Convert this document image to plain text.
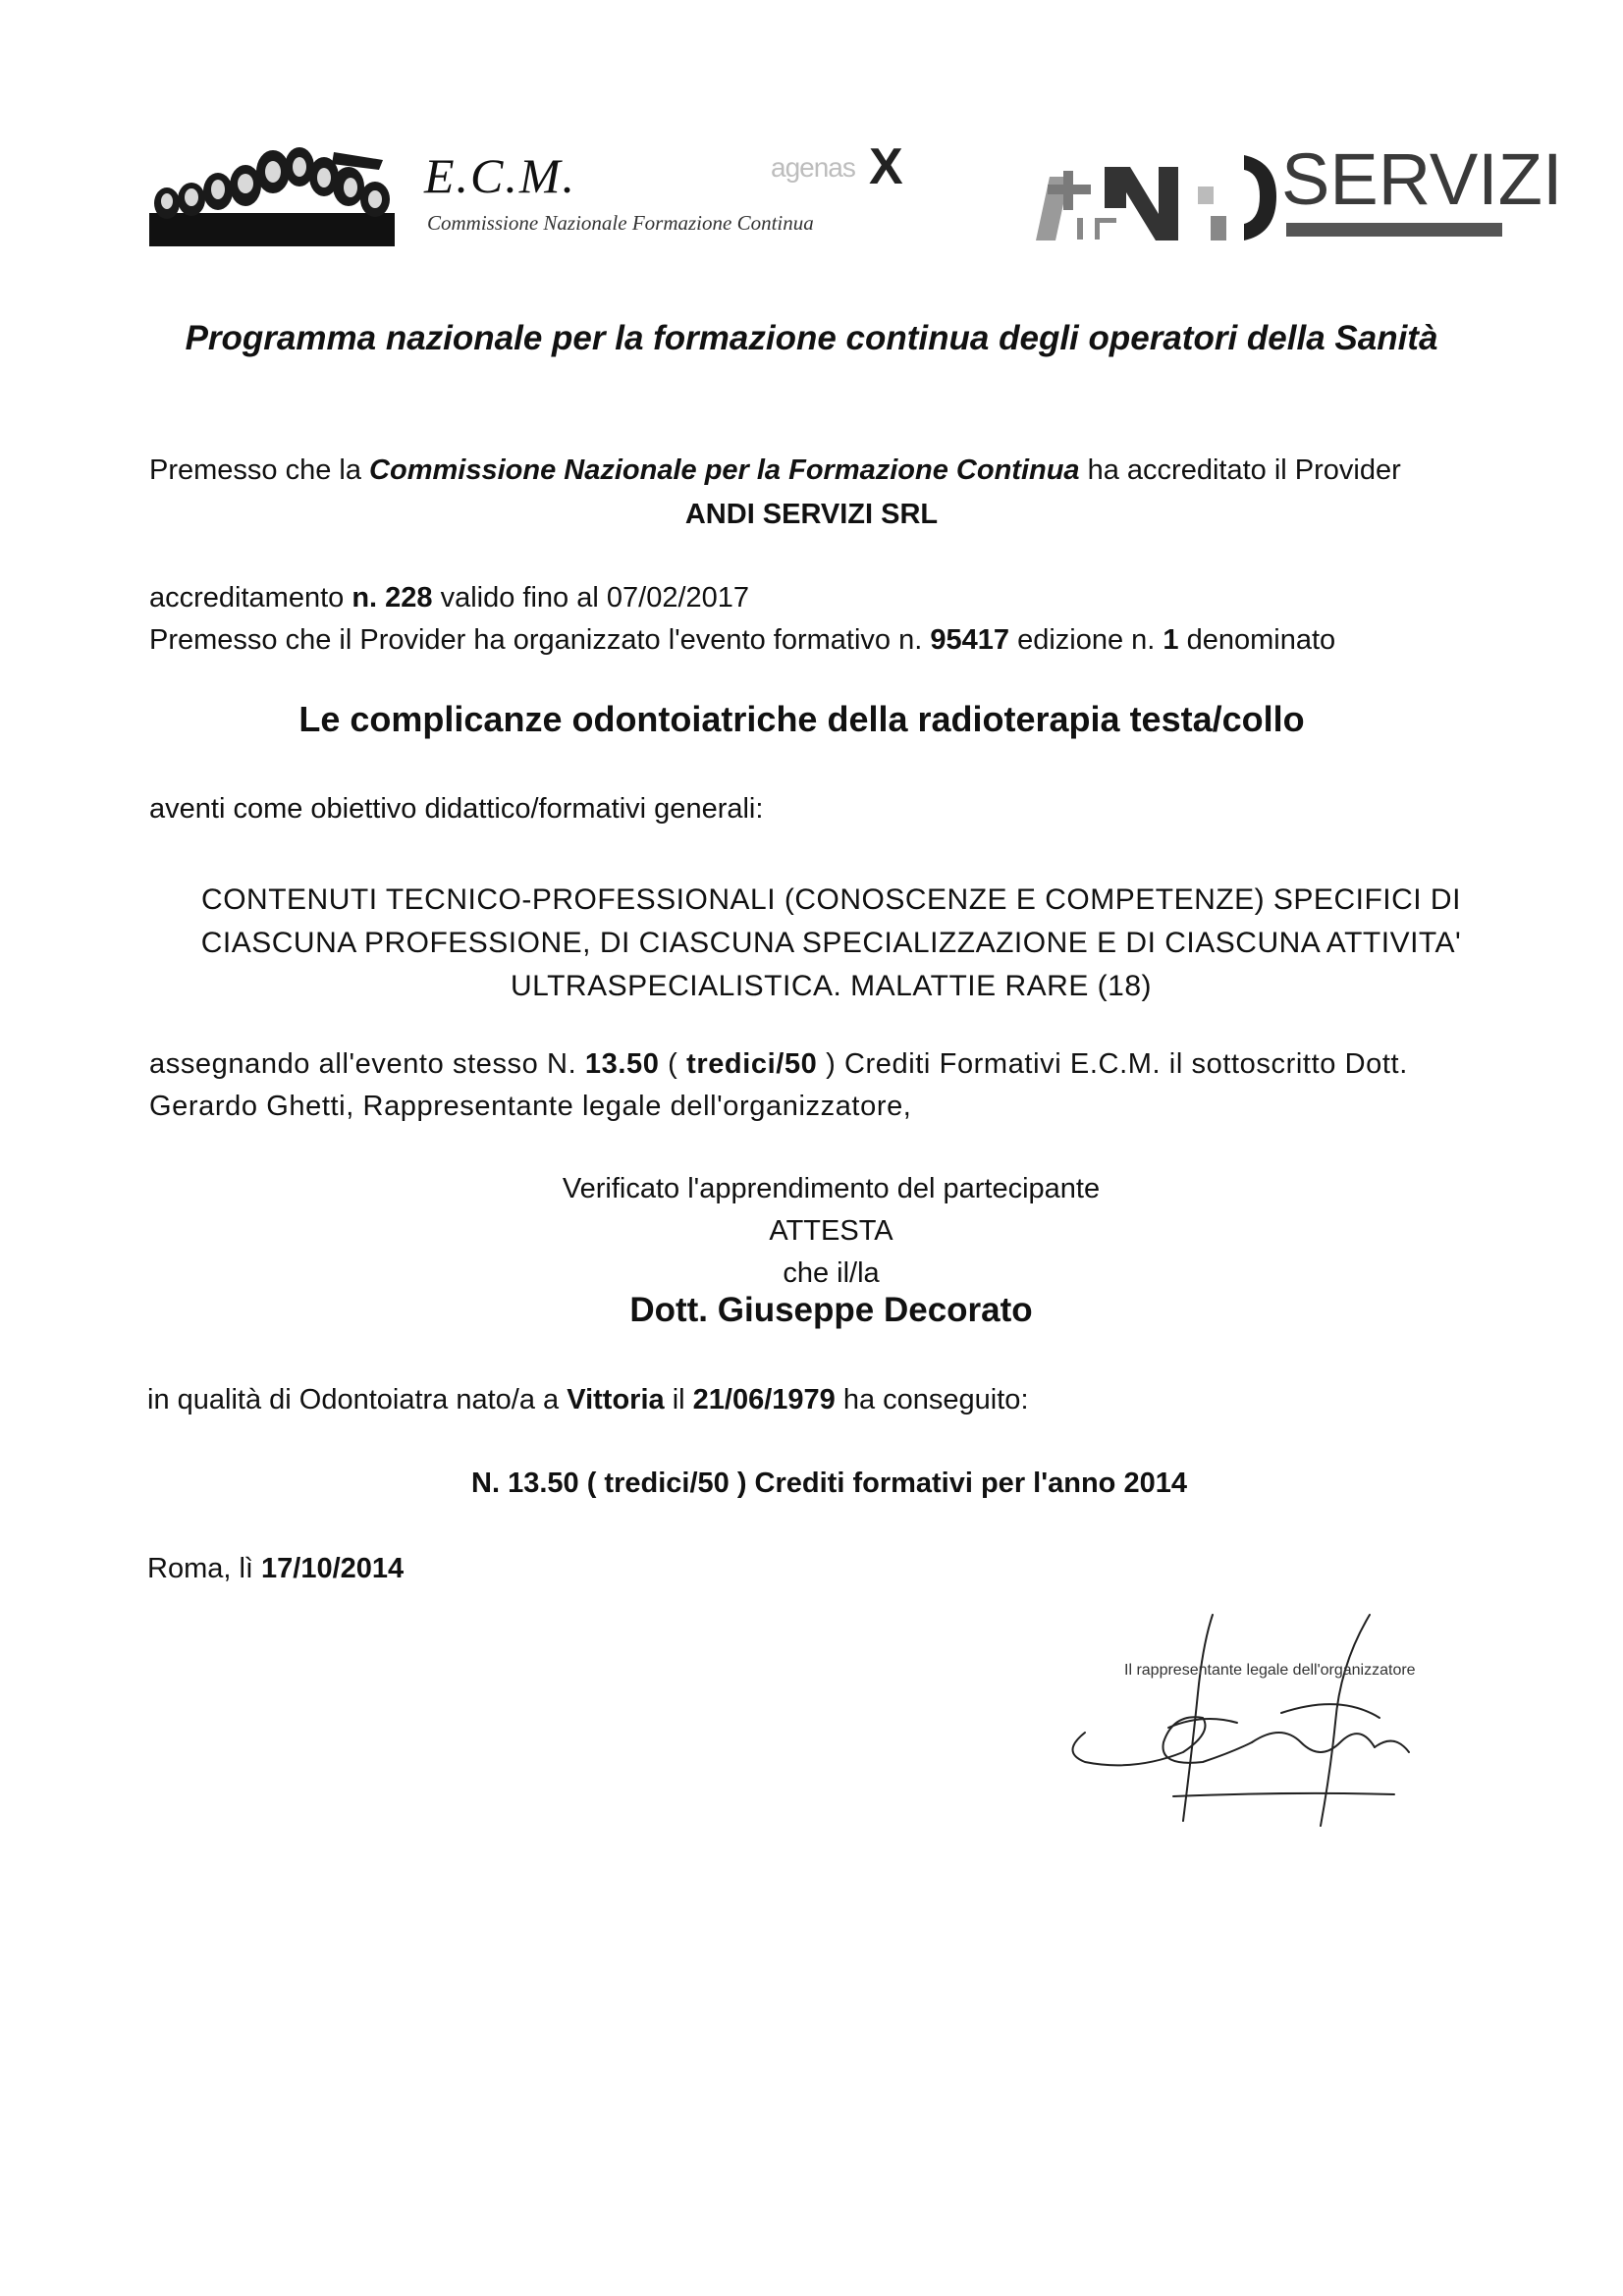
E.C.M.
Commissione Nazionale Formazione Continua
agenas X	SERVIZI
Programma nazionale per la formazione continua degli operatori della Sanità
Premesso che la Commissione Nazionale per la Formazione Continua ha accreditato il Provider
ANDI SERVIZI SRL
accreditamento n. 228 valido fino al 07/02/2017
Premesso che il Provider ha organizzato l'evento formativo n. 95417 edizione n. 1 denominato
Le complicanze odontoiatriche della radioterapia testa/collo
aventi come obiettivo didattico/formativi generali:
CONTENUTI TECNICO-PROFESSIONALI (CONOSCENZE E COMPETENZE) SPECIFICI DI
CIASCUNA PROFESSIONE, DI CIASCUNA SPECIALIZZAZIONE E DI CIASCUNA ATTIVITA'
ULTRASPECIALISTICA. MALATTIE RARE (18)
assegnando all'evento stesso N. 13.50 ( tredici/50 ) Crediti Formativi E.C.M. il sottoscritto Dott.
Gerardo Ghetti, Rappresentante legale dell'organizzatore,
Verificato l'apprendimento del partecipante
ATTESTA
che il/la
Dott. Giuseppe Decorato
in qualità di Odontoiatra nato/a a Vittoria il 21/06/1979 ha conseguito:
N. 13.50 ( tredici/50 ) Crediti formativi per l'anno 2014
Roma, lì 17/10/2014
Il rappresentante legale dell'organizzatore
